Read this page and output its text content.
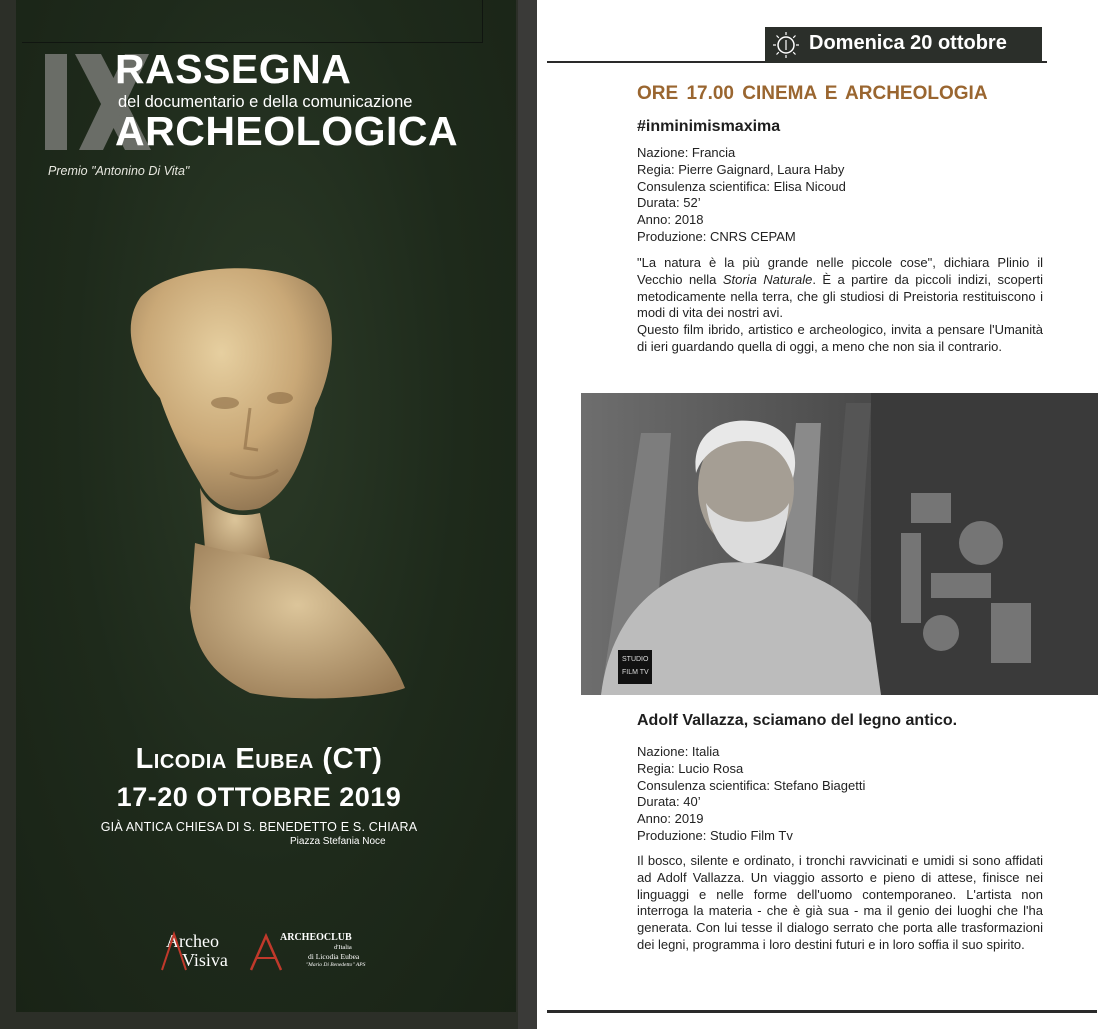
RASSEGNA
del documentario e della comunicazione
ARCHEOLOGICA
Premio "Antonino Di Vita"
Licodia Eubea (CT)
17-20 OTTOBRE 2019
GIÀ ANTICA CHIESA DI S. BENEDETTO E S. CHIARA
Piazza Stefania Noce
Archeo
Visiva
ARCHEOCLUB
d'Italia
di Licodia Eubea
"Mario Di Benedetto" APS
Domenica 20 ottobre
ORE 17.00 CINEMA E ARCHEOLOGIA
#inminimismaxima
Nazione: Francia
Regia: Pierre Gaignard, Laura Haby
Consulenza scientifica: Elisa Nicoud
Durata: 52’
Anno: 2018
Produzione: CNRS CEPAM

"La natura è la più grande nelle piccole cose", dichiara Plinio il Vecchio nella Storia Naturale. È a partire da piccoli indizi, scoperti metodicamente nella terra, che gli studiosi di Preistoria restituiscono i modi di vita dei nostri avi.

Questo film ibrido, artistico e archeologico, invita a pensare l'Umanità di ieri guardando quella di oggi, a meno che non sia il contrario.

STUDIO
FILM TV
Adolf Vallazza, sciamano del legno antico.
Nazione: Italia
Regia: Lucio Rosa
Consulenza scientifica: Stefano Biagetti
Durata: 40’
Anno: 2019
Produzione: Studio Film Tv

Il bosco, silente e ordinato, i tronchi ravvicinati e umidi si sono affidati ad Adolf Vallazza. Un viaggio assorto e pieno di attese, finisce nei linguaggi e nelle forme dell'uomo contemporaneo. L'artista non interroga la materia - che è già sua - ma il genio dei luoghi che l'ha generata. Con lui tesse il dialogo serrato che porta alle trasformazioni dei legni, programma i loro destini futuri e in loro soffia il suo spirito.
